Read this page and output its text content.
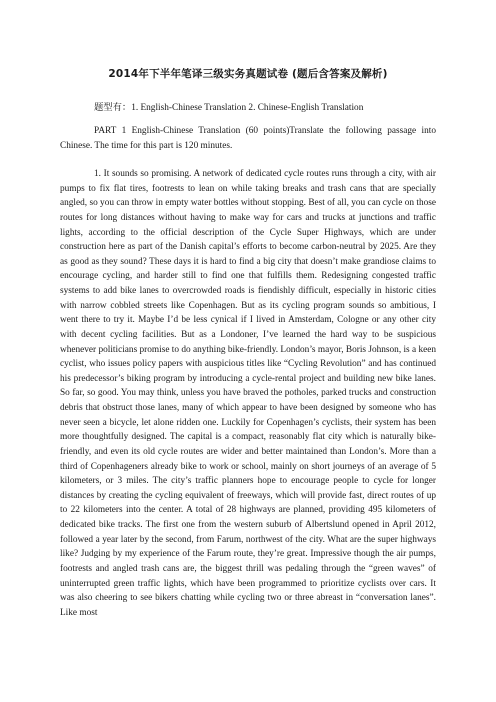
2014年下半年笔译三级实务真题试卷 (题后含答案及解析)
题型有：1. English-Chinese Translation 2. Chinese-English Translation
PART 1 English-Chinese Translation (60 points)Translate the following passage into Chinese. The time for this part is 120 minutes.
1. It sounds so promising. A network of dedicated cycle routes runs through a city, with air pumps to fix flat tires, footrests to lean on while taking breaks and trash cans that are specially angled, so you can throw in empty water bottles without stopping. Best of all, you can cycle on those routes for long distances without having to make way for cars and trucks at junctions and traffic lights, according to the official description of the Cycle Super Highways, which are under construction here as part of the Danish capital’s efforts to become carbon-neutral by 2025. Are they as good as they sound? These days it is hard to find a big city that doesn’t make grandiose claims to encourage cycling, and harder still to find one that fulfills them. Redesigning congested traffic systems to add bike lanes to overcrowded roads is fiendishly difficult, especially in historic cities with narrow cobbled streets like Copenhagen. But as its cycling program sounds so ambitious, I went there to try it. Maybe I’d be less cynical if I lived in Amsterdam, Cologne or any other city with decent cycling facilities. But as a Londoner, I’ve learned the hard way to be suspicious whenever politicians promise to do anything bike-friendly. London’s mayor, Boris Johnson, is a keen cyclist, who issues policy papers with auspicious titles like “Cycling Revolution” and has continued his predecessor’s biking program by introducing a cycle-rental project and building new bike lanes. So far, so good. You may think, unless you have braved the potholes, parked trucks and construction debris that obstruct those lanes, many of which appear to have been designed by someone who has never seen a bicycle, let alone ridden one. Luckily for Copenhagen’s cyclists, their system has been more thoughtfully designed. The capital is a compact, reasonably flat city which is naturally bike-friendly, and even its old cycle routes are wider and better maintained than London’s. More than a third of Copenhageners already bike to work or school, mainly on short journeys of an average of 5 kilometers, or 3 miles. The city’s traffic planners hope to encourage people to cycle for longer distances by creating the cycling equivalent of freeways, which will provide fast, direct routes of up to 22 kilometers into the center. A total of 28 highways are planned, providing 495 kilometers of dedicated bike tracks. The first one from the western suburb of Albertslund opened in April 2012, followed a year later by the second, from Farum, northwest of the city. What are the super highways like? Judging by my experience of the Farum route, they’re great. Impressive though the air pumps, footrests and angled trash cans are, the biggest thrill was pedaling through the “green waves” of uninterrupted green traffic lights, which have been programmed to prioritize cyclists over cars. It was also cheering to see bikers chatting while cycling two or three abreast in “conversation lanes”. Like most
